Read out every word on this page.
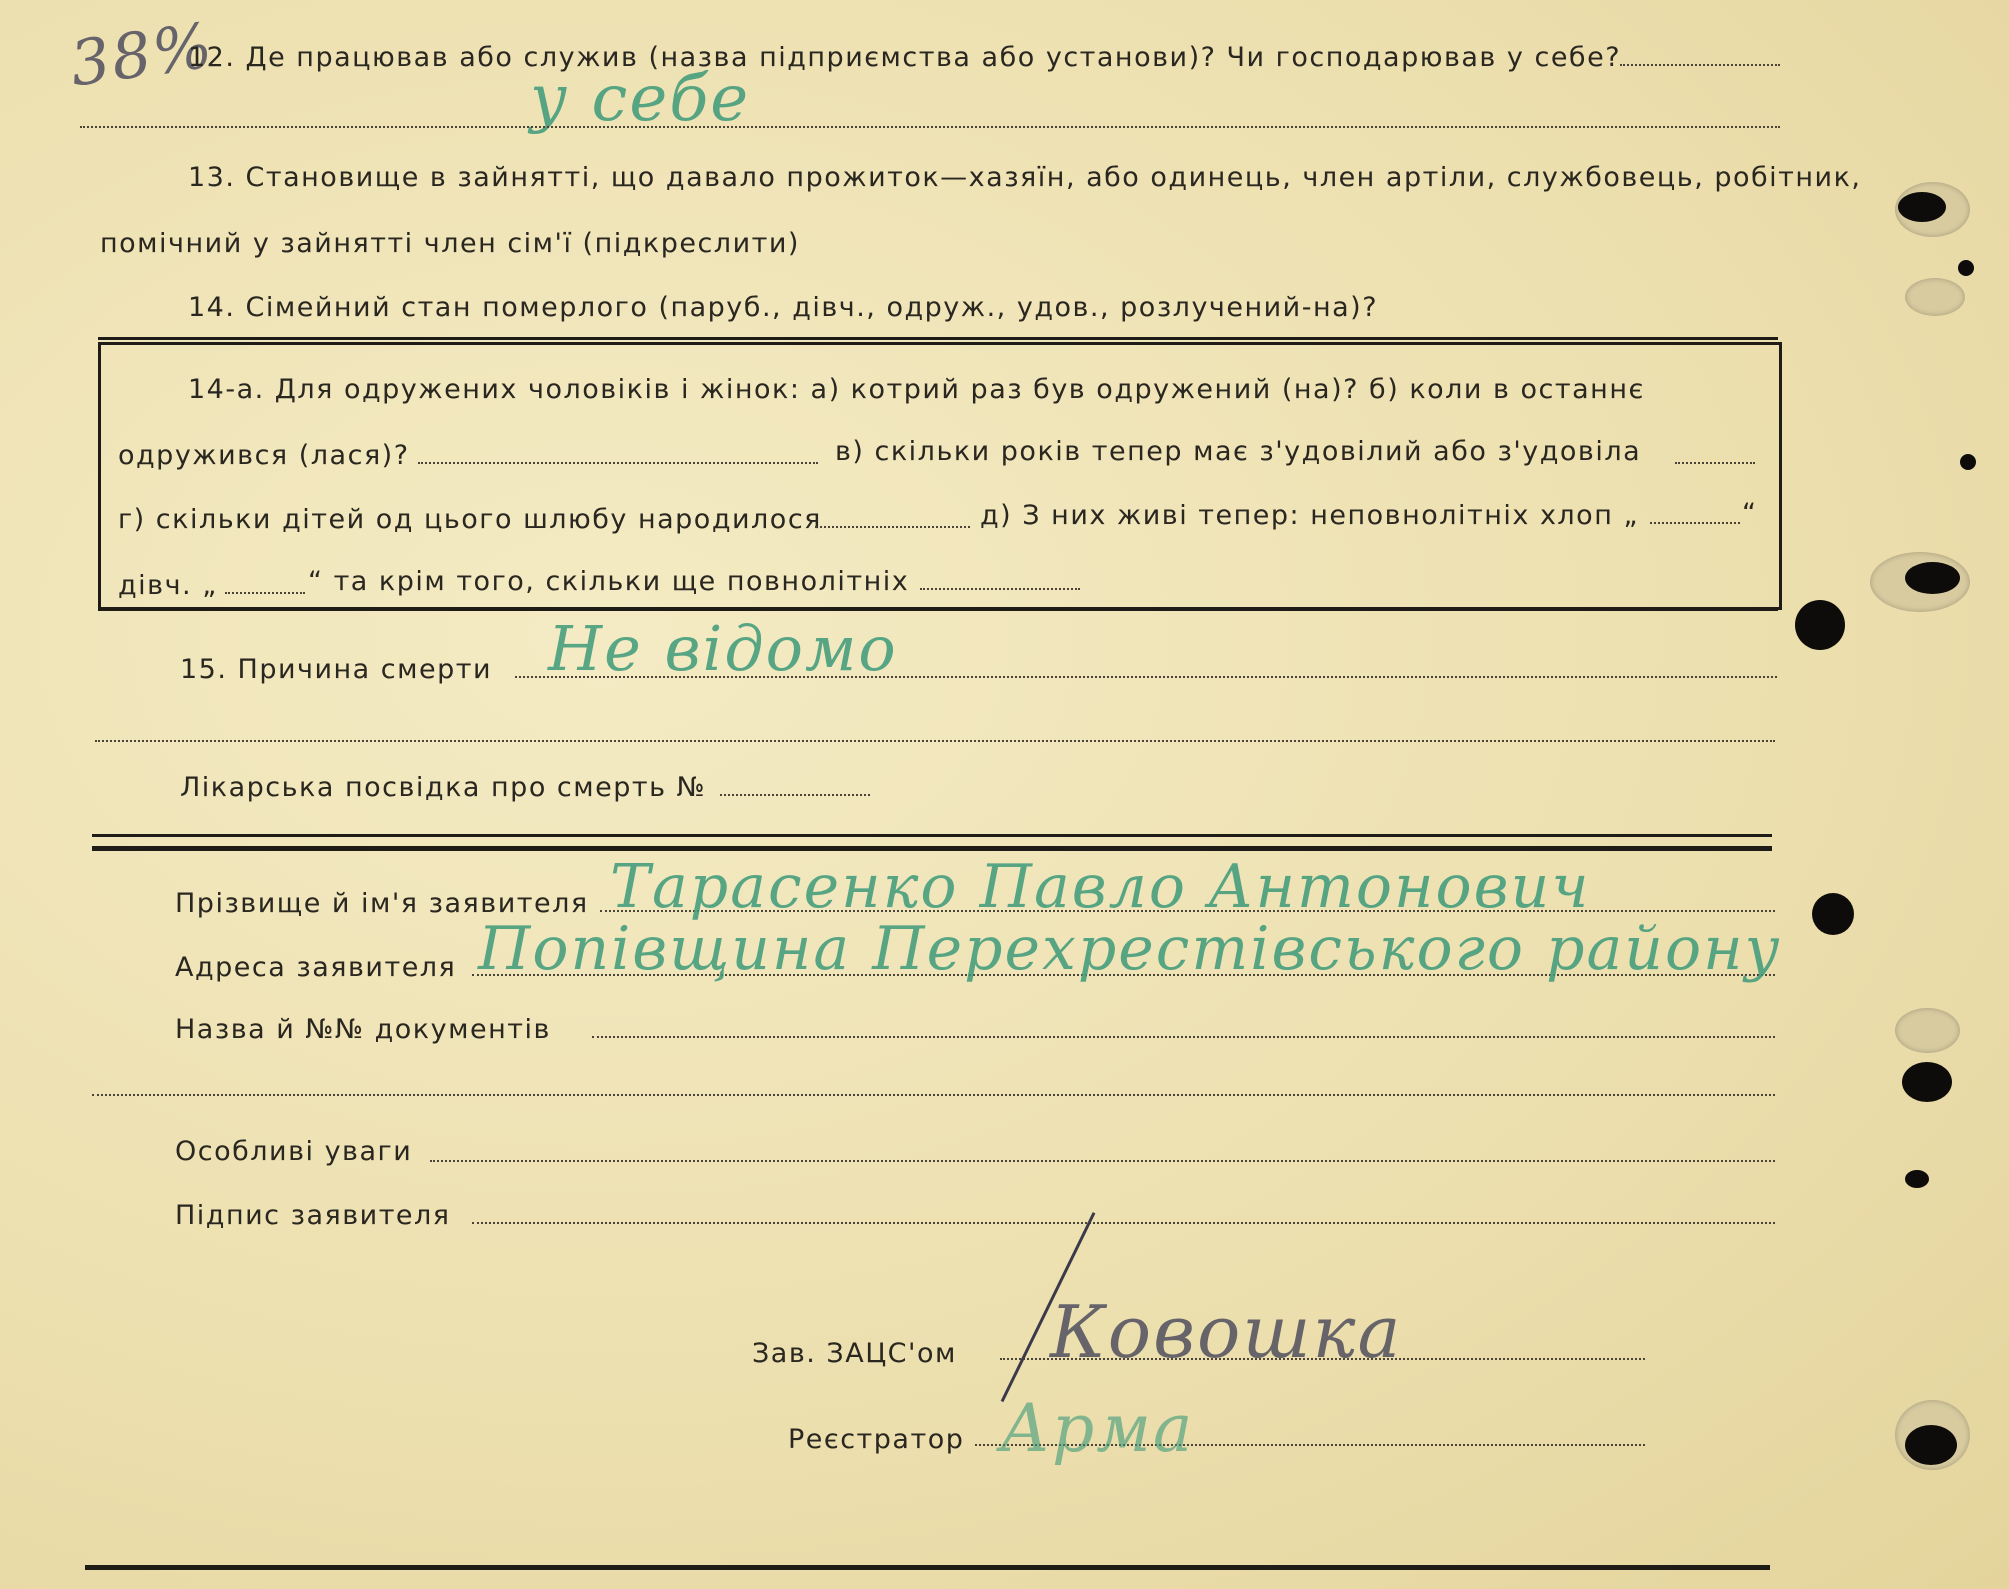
38%
12. Де працював або служив (назва підприємства або установи)? Чи господарював у себе?
у себе
13. Становище в зайнятті, що давало прожиток—хазяїн, або одинець, член артіли, службовець, робітник,
помічний у зайнятті член сім'ї (підкреслити)
14. Сімейний стан померлого (паруб., дівч., одруж., удов., розлучений-на)?
14-а. Для одружених чоловіків і жінок: а) котрий раз був одружений (на)? б) коли в останнє
одружився (лася)?	в) скільки років тепер має з'удовілий або з'удовіла
г) скільки дітей од цього шлюбу народилося	д) З них живі тепер: неповнолітніх хлоп „	“
дівч. „	“ та крім того, скільки ще повнолітніх
15. Причина смерти Не відомо
Лікарська посвідка про смерть №
Прізвище й ім'я заявителя Тарасенко Павло Антонович
Адреса заявителя Попівщина Перехрестівського району
Назва й №№ документів
Особливі уваги
Підпис заявителя
Зав. ЗАЦС'ом Ковошка
Реєстратор Арма
